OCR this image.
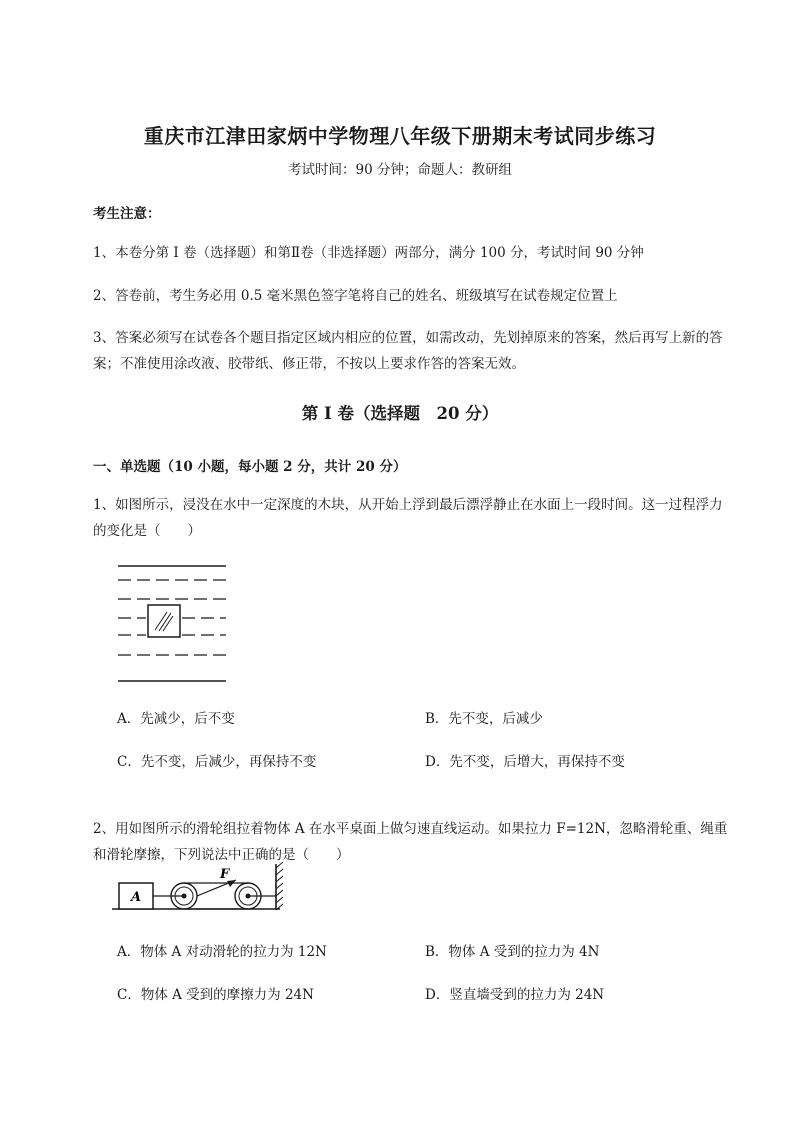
重庆市江津田家炳中学物理八年级下册期末考试同步练习
考试时间：90 分钟；命题人：教研组
考生注意：
1、本卷分第 I 卷（选择题）和第Ⅱ卷（非选择题）两部分，满分 100 分，考试时间 90 分钟
2、答卷前，考生务必用 0.5 毫米黑色签字笔将自己的姓名、班级填写在试卷规定位置上
3、答案必须写在试卷各个题目指定区域内相应的位置，如需改动，先划掉原来的答案，然后再写上新的答案；不准使用涂改液、胶带纸、修正带，不按以上要求作答的答案无效。
第 I 卷（选择题　20 分）
一、单选题（10 小题，每小题 2 分，共计 20 分）
1、如图所示，浸没在水中一定深度的木块，从开始上浮到最后漂浮静止在水面上一段时间。这一过程浮力的变化是（　　）
A．先减少，后不变	B．先不变，后减少
C．先不变，后减少，再保持不变	D．先不变，后增大，再保持不变
2、用如图所示的滑轮组拉着物体 A 在水平桌面上做匀速直线运动。如果拉力 F=12N，忽略滑轮重、绳重和滑轮摩擦，下列说法中正确的是（　　）
A
F
A．物体 A 对动滑轮的拉力为 12N	B．物体 A 受到的拉力为 4N
C．物体 A 受到的摩擦力为 24N	D．竖直墙受到的拉力为 24N
